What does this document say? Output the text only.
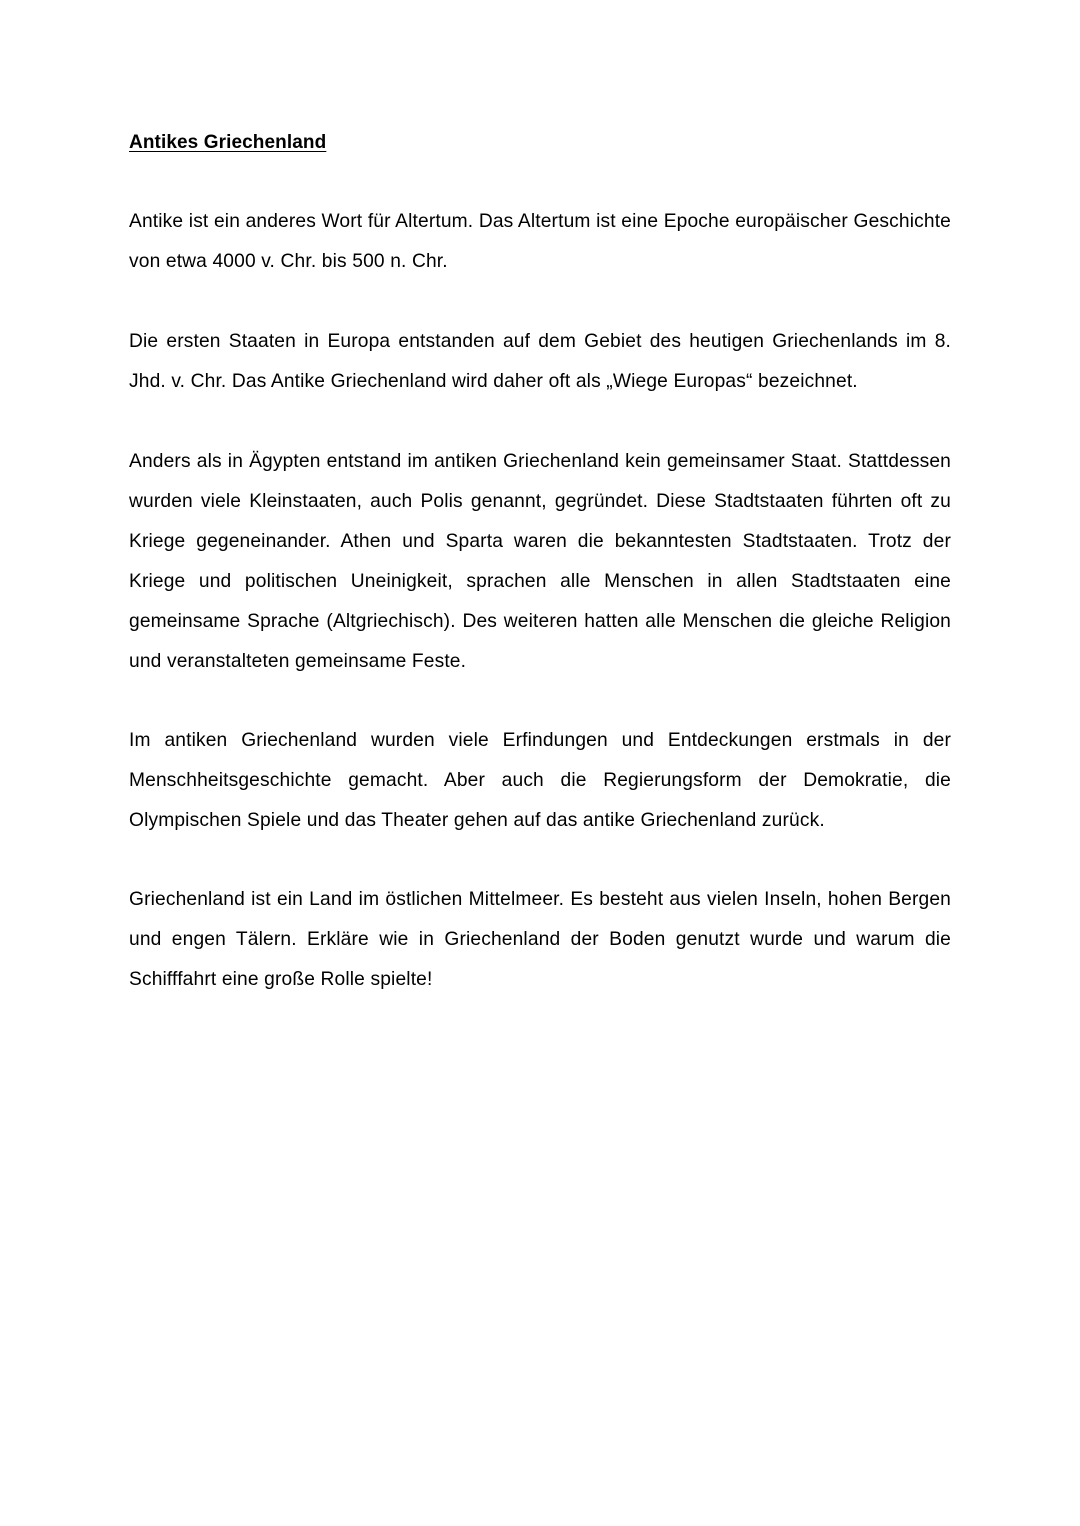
Antikes Griechenland

Antike ist ein anderes Wort für Altertum. Das Altertum ist eine Epoche europäischer Geschichte von etwa 4000 v. Chr. bis 500 n. Chr.

Die ersten Staaten in Europa entstanden auf dem Gebiet des heutigen Griechenlands im 8. Jhd. v. Chr. Das Antike Griechenland wird daher oft als „Wiege Europas“ bezeichnet.

Anders als in Ägypten entstand im antiken Griechenland kein gemeinsamer Staat. Stattdessen wurden viele Kleinstaaten, auch Polis genannt, gegründet. Diese Stadtstaaten führten oft zu Kriege gegeneinander. Athen und Sparta waren die bekanntesten Stadtstaaten. Trotz der Kriege und politischen Uneinigkeit, sprachen alle Menschen in allen Stadtstaaten eine gemeinsame Sprache (Altgriechisch). Des weiteren hatten alle Menschen die gleiche Religion und veranstalteten gemeinsame Feste.

Im antiken Griechenland wurden viele Erfindungen und Entdeckungen erstmals in der Menschheitsgeschichte gemacht. Aber auch die Regierungsform der Demokratie, die Olympischen Spiele und das Theater gehen auf das antike Griechenland zurück.

Griechenland ist ein Land im östlichen Mittelmeer. Es besteht aus vielen Inseln, hohen Bergen und engen Tälern. Erkläre wie in Griechenland der Boden genutzt wurde und warum die Schifffahrt eine große Rolle spielte!
